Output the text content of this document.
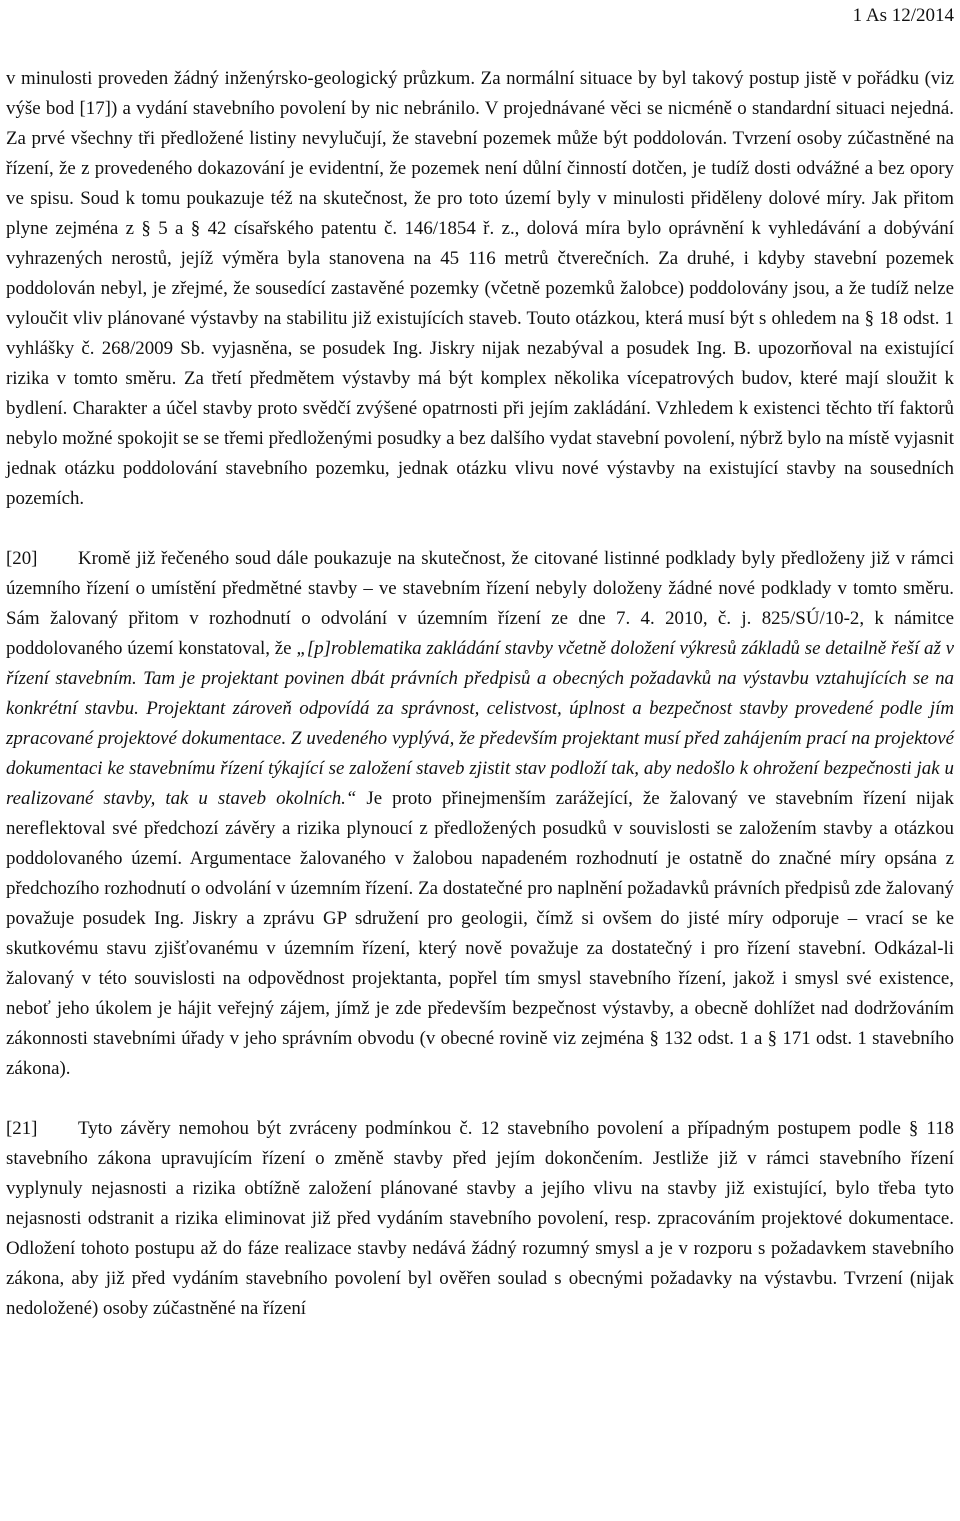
1 As 12/2014

v minulosti proveden žádný inženýrsko-geologický průzkum. Za normální situace by byl takový postup jistě v pořádku (viz výše bod [17]) a vydání stavebního povolení by nic nebránilo. V projednávané věci se nicméně o standardní situaci nejedná. Za prvé všechny tři předložené listiny nevylučují, že stavební pozemek může být poddolován. Tvrzení osoby zúčastněné na řízení, že z provedeného dokazování je evidentní, že pozemek není důlní činností dotčen, je tudíž dosti odvážné a bez opory ve spisu. Soud k tomu poukazuje též na skutečnost, že pro toto území byly v minulosti přiděleny dolové míry. Jak přitom plyne zejména z § 5 a § 42 císařského patentu č. 146/1854 ř. z., dolová míra bylo oprávnění k vyhledávání a dobývání vyhrazených nerostů, jejíž výměra byla stanovena na 45 116 metrů čtverečních. Za druhé, i kdyby stavební pozemek poddolován nebyl, je zřejmé, že sousedící zastavěné pozemky (včetně pozemků žalobce) poddolovány jsou, a že tudíž nelze vyloučit vliv plánované výstavby na stabilitu již existujících staveb. Touto otázkou, která musí být s ohledem na § 18 odst. 1 vyhlášky č. 268/2009 Sb. vyjasněna, se posudek Ing. Jiskry nijak nezabýval a posudek Ing. B. upozorňoval na existující rizika v tomto směru. Za třetí předmětem výstavby má být komplex několika vícepatrových budov, které mají sloužit k bydlení. Charakter a účel stavby proto svědčí zvýšené opatrnosti při jejím zakládání. Vzhledem k existenci těchto tří faktorů nebylo možné spokojit se se třemi předloženými posudky a bez dalšího vydat stavební povolení, nýbrž bylo na místě vyjasnit jednak otázku poddolování stavebního pozemku, jednak otázku vlivu nové výstavby na existující stavby na sousedních pozemích.

[20] Kromě již řečeného soud dále poukazuje na skutečnost, že citované listinné podklady byly předloženy již v rámci územního řízení o umístění předmětné stavby – ve stavebním řízení nebyly doloženy žádné nové podklady v tomto směru. Sám žalovaný přitom v rozhodnutí o odvolání v územním řízení ze dne 7. 4. 2010, č. j. 825/SÚ/10-2, k námitce poddolovaného území konstatoval, že „[p]roblematika zakládání stavby včetně doložení výkresů základů se detailně řeší až v řízení stavebním. Tam je projektant povinen dbát právních předpisů a obecných požadavků na výstavbu vztahujících se na konkrétní stavbu. Projektant zároveň odpovídá za správnost, celistvost, úplnost a bezpečnost stavby provedené podle jím zpracované projektové dokumentace. Z uvedeného vyplývá, že především projektant musí před zahájením prací na projektové dokumentaci ke stavebnímu řízení týkající se založení staveb zjistit stav podloží tak, aby nedošlo k ohrožení bezpečnosti jak u realizované stavby, tak u staveb okolních.“ Je proto přinejmenším zarážející, že žalovaný ve stavebním řízení nijak nereflektoval své předchozí závěry a rizika plynoucí z předložených posudků v souvislosti se založením stavby a otázkou poddolovaného území. Argumentace žalovaného v žalobou napadeném rozhodnutí je ostatně do značné míry opsána z předchozího rozhodnutí o odvolání v územním řízení. Za dostatečné pro naplnění požadavků právních předpisů zde žalovaný považuje posudek Ing. Jiskry a zprávu GP sdružení pro geologii, čímž si ovšem do jisté míry odporuje – vrací se ke skutkovému stavu zjišťovanému v územním řízení, který nově považuje za dostatečný i pro řízení stavební. Odkázal-li žalovaný v této souvislosti na odpovědnost projektanta, popřel tím smysl stavebního řízení, jakož i smysl své existence, neboť jeho úkolem je hájit veřejný zájem, jímž je zde především bezpečnost výstavby, a obecně dohlížet nad dodržováním zákonnosti stavebními úřady v jeho správním obvodu (v obecné rovině viz zejména § 132 odst. 1 a § 171 odst. 1 stavebního zákona).

[21] Tyto závěry nemohou být zvráceny podmínkou č. 12 stavebního povolení a případným postupem podle § 118 stavebního zákona upravujícím řízení o změně stavby před jejím dokončením. Jestliže již v rámci stavebního řízení vyplynuly nejasnosti a rizika obtížně založení plánované stavby a jejího vlivu na stavby již existující, bylo třeba tyto nejasnosti odstranit a rizika eliminovat již před vydáním stavebního povolení, resp. zpracováním projektové dokumentace. Odložení tohoto postupu až do fáze realizace stavby nedává žádný rozumný smysl a je v rozporu s požadavkem stavebního zákona, aby již před vydáním stavebního povolení byl ověřen soulad s obecnými požadavky na výstavbu. Tvrzení (nijak nedoložené) osoby zúčastněné na řízení
